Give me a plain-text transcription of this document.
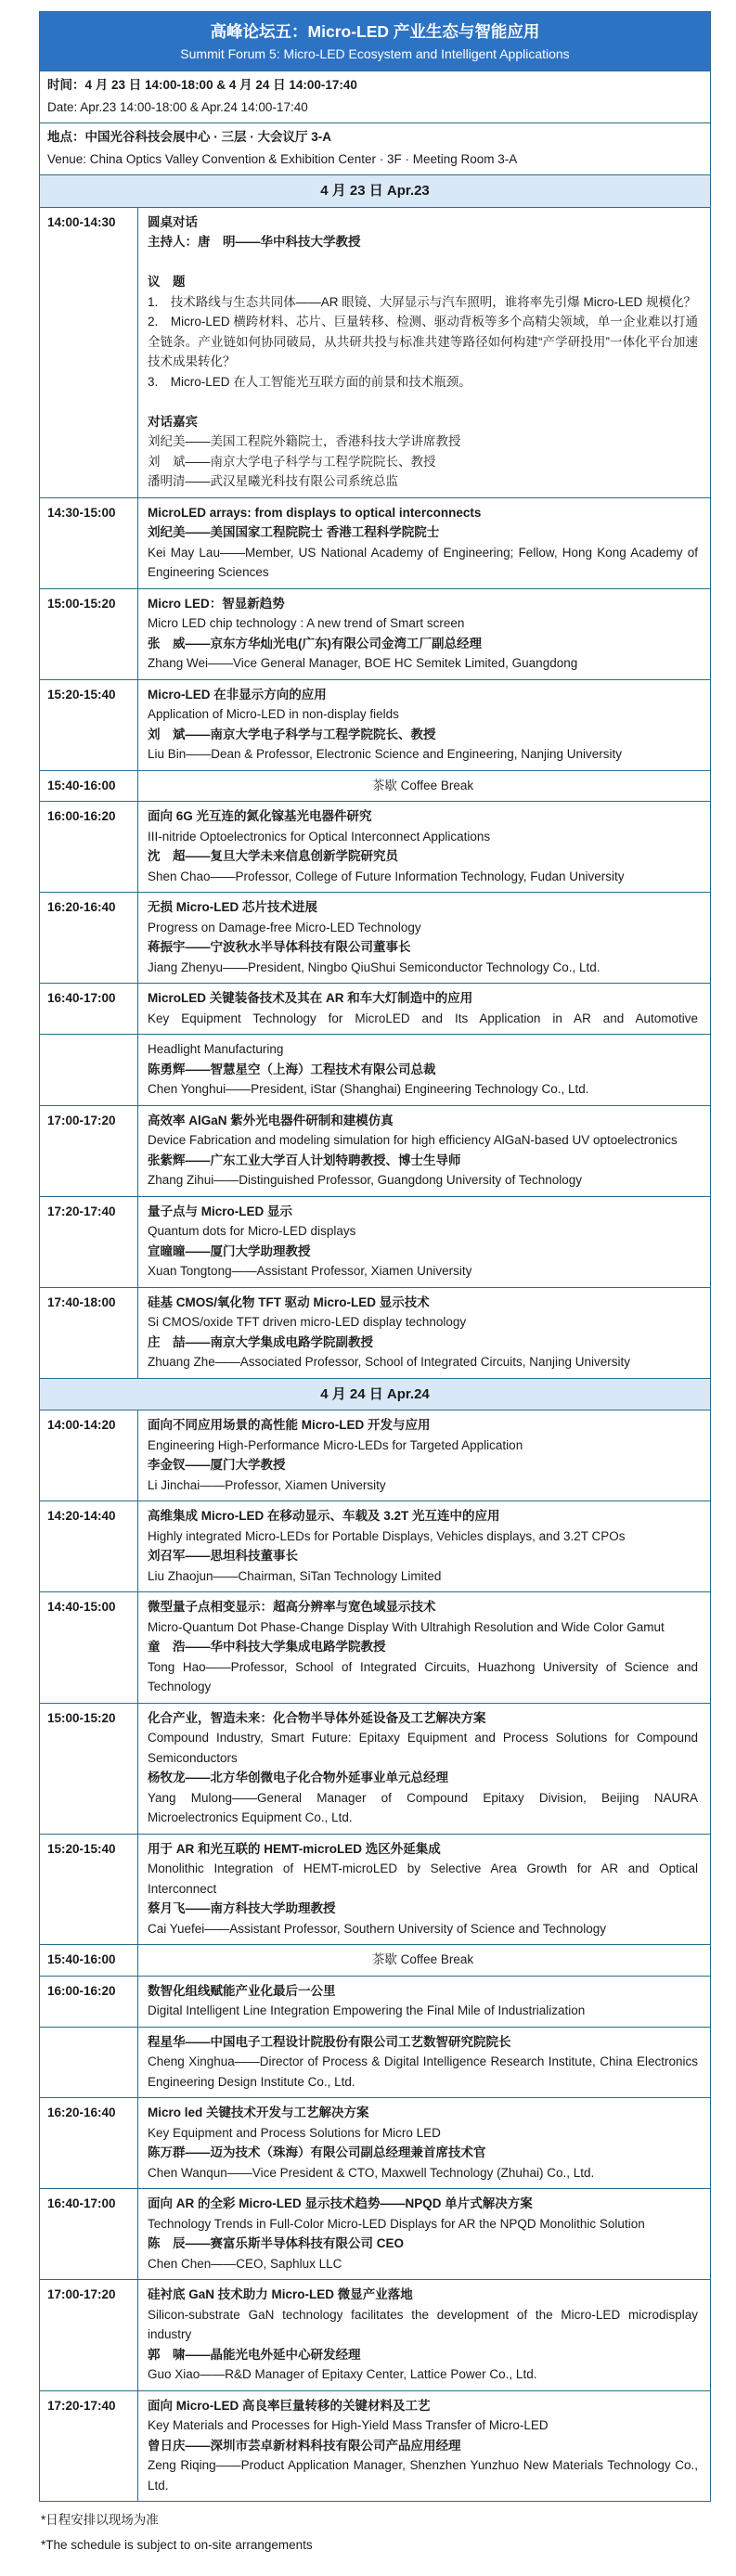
高峰论坛五：Micro-LED 产业生态与智能应用
Summit Forum 5: Micro-LED Ecosystem and Intelligent Applications
时间：4 月 23 日 14:00-18:00 & 4 月 24 日 14:00-17:40
Date: Apr.23 14:00-18:00 & Apr.24 14:00-17:40
地点：中国光谷科技会展中心 · 三层 · 大会议厅 3-A
Venue: China Optics Valley Convention & Exhibition Center · 3F · Meeting Room 3-A
4 月 23 日 Apr.23
14:00-14:30	圆桌对话
主持人：唐　明——华中科技大学教授
议　题
1.　技术路线与生态共同体——AR 眼镜、大屏显示与汽车照明，谁将率先引爆 Micro-LED 规模化？
2.　Micro-LED 横跨材料、芯片、巨量转移、检测、驱动背板等多个高精尖领域，单一企业难以打通全链条。产业链如何协同破局，从共研共投与标准共建等路径如何构建“产学研投用”一体化平台加速技术成果转化？
3.　Micro-LED 在人工智能光互联方面的前景和技术瓶颈。
对话嘉宾
刘纪美——美国工程院外籍院士，香港科技大学讲席教授
刘　斌——南京大学电子科学与工程学院院长、教授
潘明清——武汉星曦光科技有限公司系统总监
14:30-15:00	MicroLED arrays: from displays to optical interconnects
刘纪美——美国国家工程院院士 香港工程科学院院士
Kei May Lau——Member, US National Academy of Engineering; Fellow, Hong Kong Academy of Engineering Sciences
15:00-15:20	Micro LED：智显新趋势
Micro LED chip technology : A new trend of Smart screen
张　威——京东方华灿光电(广东)有限公司金湾工厂副总经理
Zhang Wei——Vice General Manager, BOE HC Semitek Limited, Guangdong
15:20-15:40	Micro-LED 在非显示方向的应用
Application of Micro-LED in non-display fields
刘　斌——南京大学电子科学与工程学院院长、教授
Liu Bin——Dean & Professor, Electronic Science and Engineering, Nanjing University
15:40-16:00	茶歇 Coffee Break
16:00-16:20	面向 6G 光互连的氮化镓基光电器件研究
III-nitride Optoelectronics for Optical Interconnect Applications
沈　超——复旦大学未来信息创新学院研究员
Shen Chao——Professor, College of Future Information Technology, Fudan University
16:20-16:40	无损 Micro-LED 芯片技术进展
Progress on Damage-free Micro-LED Technology
蒋振宇——宁波秋水半导体科技有限公司董事长
Jiang Zhenyu——President, Ningbo QiuShui Semiconductor Technology Co., Ltd.
16:40-17:00	MicroLED 关键装备技术及其在 AR 和车大灯制造中的应用
Key Equipment Technology for MicroLED and Its Application in AR and Automotive
Headlight Manufacturing
陈勇辉——智慧星空（上海）工程技术有限公司总裁
Chen Yonghui——President, iStar (Shanghai) Engineering Technology Co., Ltd.
17:00-17:20	高效率 AlGaN 紫外光电器件研制和建模仿真
Device Fabrication and modeling simulation for high efficiency AlGaN-based UV optoelectronics
张紫辉——广东工业大学百人计划特聘教授、博士生导师
Zhang Zihui——Distinguished Professor, Guangdong University of Technology
17:20-17:40	量子点与 Micro-LED 显示
Quantum dots for Micro-LED displays
宣曈曈——厦门大学助理教授
Xuan Tongtong——Assistant Professor, Xiamen University
17:40-18:00	硅基 CMOS/氧化物 TFT 驱动 Micro-LED 显示技术
Si CMOS/oxide TFT driven micro-LED display technology
庄　喆——南京大学集成电路学院副教授
Zhuang Zhe——Associated Professor, School of Integrated Circuits, Nanjing University
4 月 24 日 Apr.24
14:00-14:20	面向不同应用场景的高性能 Micro-LED 开发与应用
Engineering High-Performance Micro-LEDs for Targeted Application
李金钗——厦门大学教授
Li Jinchai——Professor, Xiamen University
14:20-14:40	高维集成 Micro-LED 在移动显示、车载及 3.2T 光互连中的应用
Highly integrated Micro-LEDs for Portable Displays, Vehicles displays, and 3.2T CPOs
刘召军——思坦科技董事长
Liu Zhaojun——Chairman, SiTan Technology Limited
14:40-15:00	微型量子点相变显示：超高分辨率与宽色域显示技术
Micro-Quantum Dot Phase-Change Display With Ultrahigh Resolution and Wide Color Gamut
童　浩——华中科技大学集成电路学院教授
Tong Hao——Professor, School of Integrated Circuits, Huazhong University of Science and Technology
15:00-15:20	化合产业，智造未来：化合物半导体外延设备及工艺解决方案
Compound Industry, Smart Future: Epitaxy Equipment and Process Solutions for Compound Semiconductors
杨牧龙——北方华创微电子化合物外延事业单元总经理
Yang Mulong——General Manager of Compound Epitaxy Division, Beijing NAURA Microelectronics Equipment Co., Ltd.
15:20-15:40	用于 AR 和光互联的 HEMT-microLED 选区外延集成
Monolithic Integration of HEMT-microLED by Selective Area Growth for AR and Optical Interconnect
蔡月飞——南方科技大学助理教授
Cai Yuefei——Assistant Professor, Southern University of Science and Technology
15:40-16:00	茶歇 Coffee Break
16:00-16:20	数智化组线赋能产业化最后一公里
Digital Intelligent Line Integration Empowering the Final Mile of Industrialization
程星华——中国电子工程设计院股份有限公司工艺数智研究院院长
Cheng Xinghua——Director of Process & Digital Intelligence Research Institute, China Electronics Engineering Design Institute Co., Ltd.
16:20-16:40	Micro led 关键技术开发与工艺解决方案
Key Equipment and Process Solutions for Micro LED
陈万群——迈为技术（珠海）有限公司副总经理兼首席技术官
Chen Wanqun——Vice President & CTO, Maxwell Technology (Zhuhai) Co., Ltd.
16:40-17:00	面向 AR 的全彩 Micro-LED 显示技术趋势——NPQD 单片式解决方案
Technology Trends in Full-Color Micro-LED Displays for AR the NPQD Monolithic Solution
陈　辰——赛富乐斯半导体科技有限公司 CEO
Chen Chen——CEO, Saphlux LLC
17:00-17:20	硅衬底 GaN 技术助力 Micro-LED 微显产业落地
Silicon-substrate GaN technology facilitates the development of the Micro-LED microdisplay industry
郭　啸——晶能光电外延中心研发经理
Guo Xiao——R&D Manager of Epitaxy Center, Lattice Power Co., Ltd.
17:20-17:40	面向 Micro-LED 高良率巨量转移的关键材料及工艺
Key Materials and Processes for High-Yield Mass Transfer of Micro-LED
曾日庆——深圳市芸卓新材料科技有限公司产品应用经理
Zeng Riqing——Product Application Manager, Shenzhen Yunzhuo New Materials Technology Co., Ltd.
*日程安排以现场为准
*The schedule is subject to on-site arrangements
